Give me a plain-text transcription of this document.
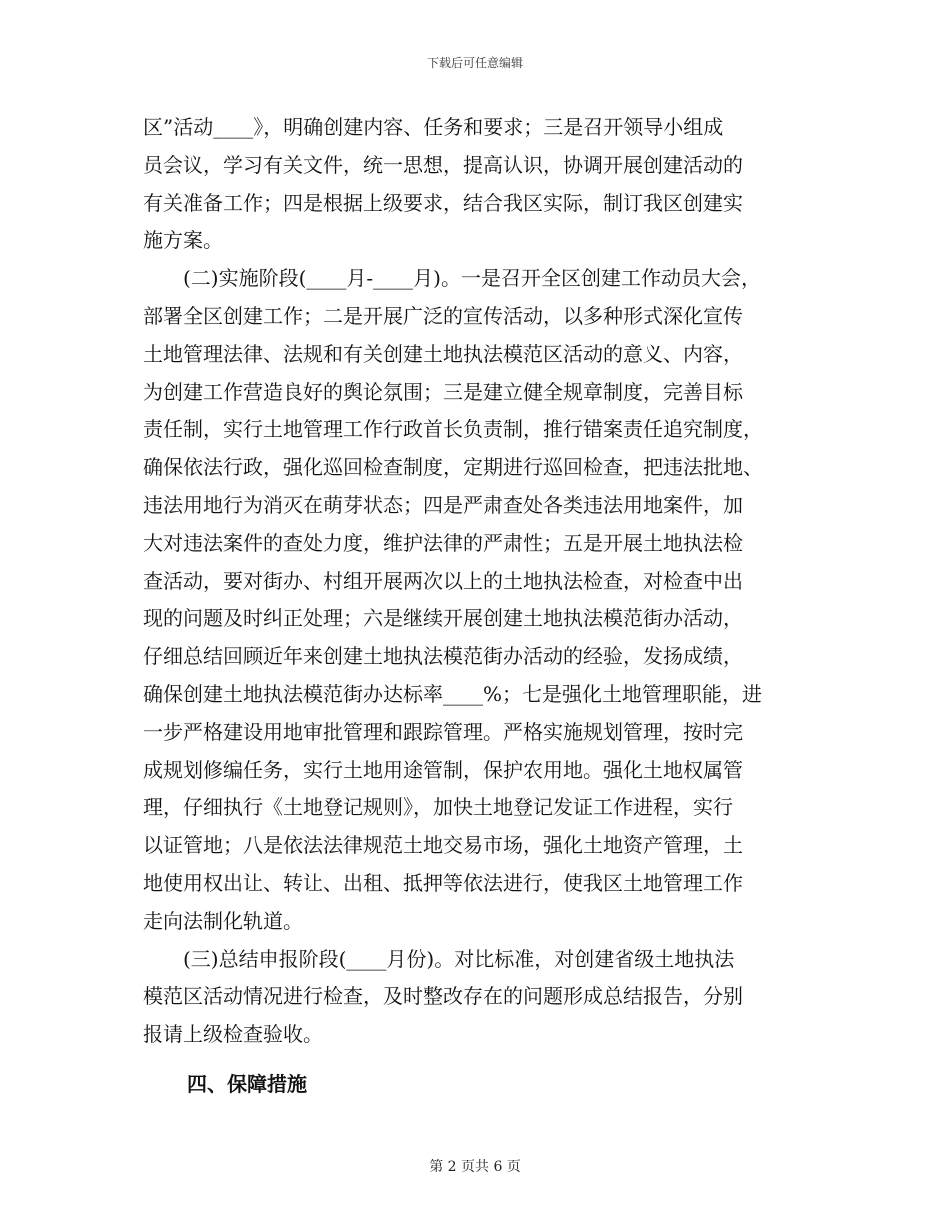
下载后可任意编辑
区”活动____》，明确创建内容、任务和要求；三是召开领导小组成
员会议，学习有关文件，统一思想，提高认识，协调开展创建活动的
有关准备工作；四是根据上级要求，结合我区实际，制订我区创建实
施方案。
(二)实施阶段(____月-____月)。一是召开全区创建工作动员大会，
部署全区创建工作；二是开展广泛的宣传活动，以多种形式深化宣传
土地管理法律、法规和有关创建土地执法模范区活动的意义、内容，
为创建工作营造良好的舆论氛围；三是建立健全规章制度，完善目标
责任制，实行土地管理工作行政首长负责制，推行错案责任追究制度，
确保依法行政，强化巡回检查制度，定期进行巡回检查，把违法批地、
违法用地行为消灭在萌芽状态；四是严肃查处各类违法用地案件，加
大对违法案件的查处力度，维护法律的严肃性；五是开展土地执法检
查活动，要对街办、村组开展两次以上的土地执法检查，对检查中出
现的问题及时纠正处理；六是继续开展创建土地执法模范街办活动，
仔细总结回顾近年来创建土地执法模范街办活动的经验，发扬成绩，
确保创建土地执法模范街办达标率____%；七是强化土地管理职能，进
一步严格建设用地审批管理和跟踪管理。严格实施规划管理，按时完
成规划修编任务，实行土地用途管制，保护农用地。强化土地权属管
理，仔细执行《土地登记规则》，加快土地登记发证工作进程，实行
以证管地；八是依法法律规范土地交易市场，强化土地资产管理，土
地使用权出让、转让、出租、抵押等依法进行，使我区土地管理工作
走向法制化轨道。
(三)总结申报阶段(____月份)。对比标准，对创建省级土地执法
模范区活动情况进行检查，及时整改存在的问题形成总结报告，分别
报请上级检查验收。
四、保障措施
第 2 页共 6 页
